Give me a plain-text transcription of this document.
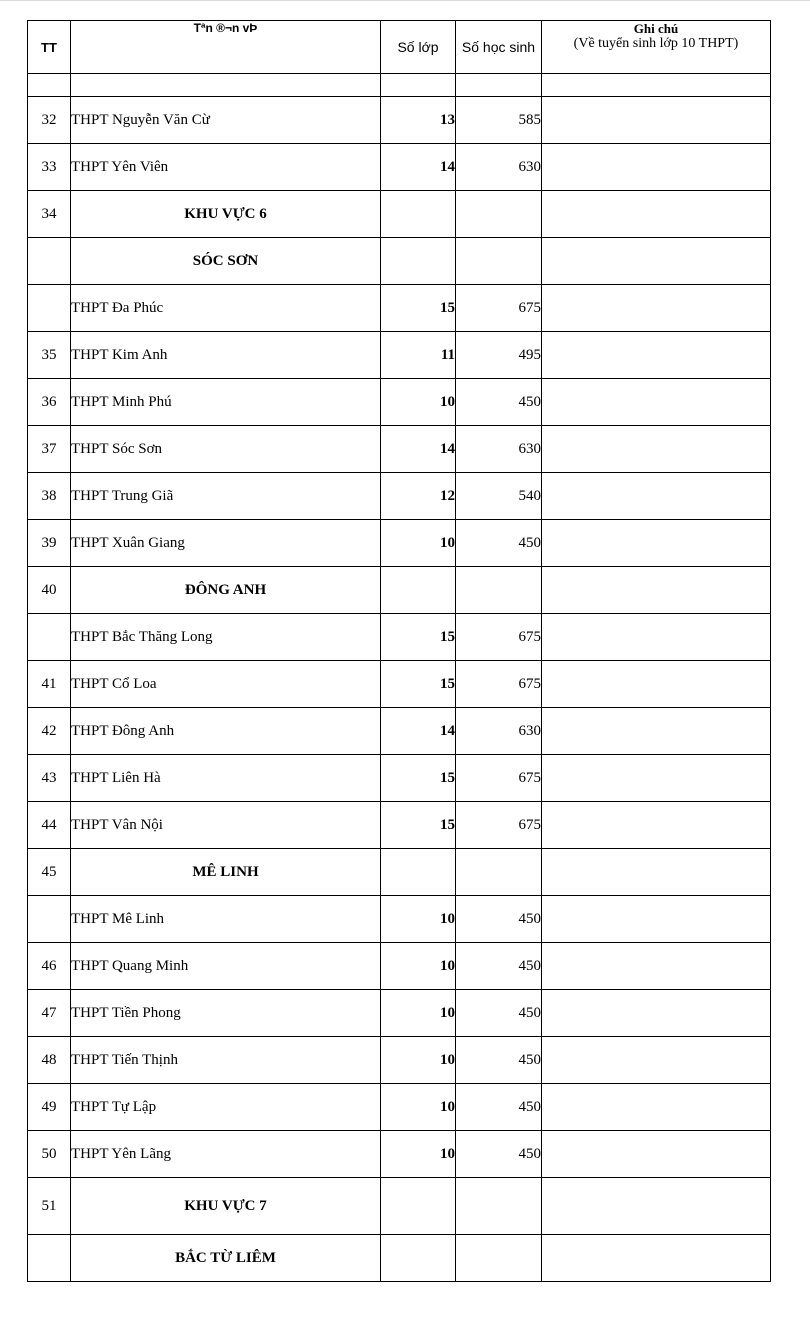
TT	Tªn ®¬n vÞ	Số lớp	Số học sinh	Ghi chú
(Về tuyển sinh lớp 10 THPT)

32	THPT Nguyễn Văn Cừ	13	585	
33	THPT Yên Viên	14	630	
34	KHU VỰC 6			
	SÓC SƠN			
	THPT Đa Phúc	15	675	
35	THPT Kim Anh	11	495	
36	THPT Minh Phú	10	450	
37	THPT Sóc Sơn	14	630	
38	THPT Trung Giã	12	540	
39	THPT Xuân Giang	10	450	
40	ĐÔNG ANH			
	THPT Bắc Thăng Long	15	675	
41	THPT Cổ Loa	15	675	
42	THPT Đông Anh	14	630	
43	THPT Liên Hà	15	675	
44	THPT Vân Nội	15	675	
45	MÊ LINH			
	THPT Mê Linh	10	450	
46	THPT Quang Minh	10	450	
47	THPT Tiền Phong	10	450	
48	THPT Tiến Thịnh	10	450	
49	THPT Tự Lập	10	450	
50	THPT Yên Lãng	10	450	
51	KHU VỰC 7			
	BẮC TỪ LIÊM			
